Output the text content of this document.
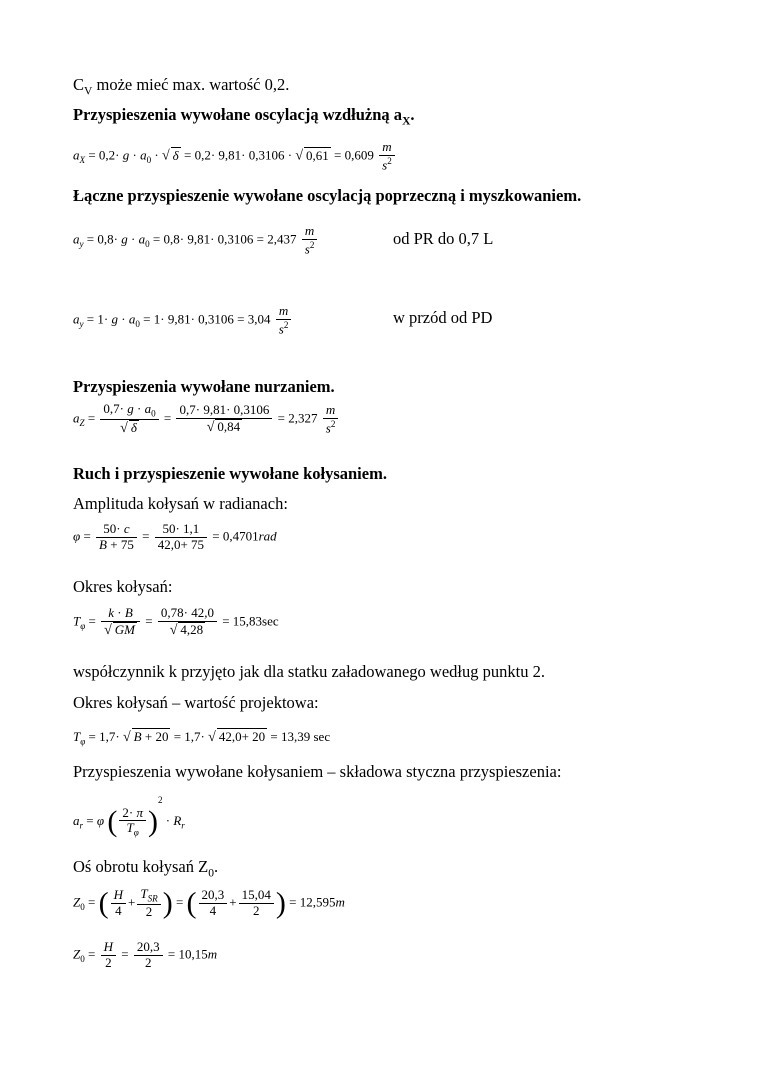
$C_V$ może mieć max. wartość 0,2.
Przyspieszenia wywołane oscylacją wzdłużną $a_X$.
$a_X = 0,2\cdot g \cdot a_0$ · √ δ = 0,2· 9,81· 0,3106 · √ $0,61 = 0,609 \frac{m}{s^2}$
Łączne przyspieszenie wywołane oscylacją poprzeczną i myszkowaniem.
$a_y = 0,8\cdot g \cdot a_0 = 0,8\cdot 9,81\cdot 0,3106 = 2,437 \frac{m}{s^2}$	od PR do 0,7 L
$a_y = 1\cdot g \cdot a_0 = 1\cdot 9,81\cdot 0,3106 = 3,04 \frac{m}{s^2}$	w przód od PD
Przyspieszenia wywołane nurzaniem.
$a_Z = \frac{0,7\cdot g \cdot a_0}{√ \delta} = \frac{0,7\cdot 9,81\cdot 0,3106}{√ 0,84} = 2,327 \frac{m}{s^2}$
Ruch i przyspieszenie wywołane kołysaniem.
Amplituda kołysań w radianach:
$\varphi = \frac{50\cdot c}{B + 75} = \frac{50\cdot 1,1}{42,0+ 75} = 0,4701rad$
Okres kołysań:
$T_\varphi = \frac{k \cdot B}{√ GM} = \frac{0,78\cdot 42,0}{√ 4,28} = 15,83\sec$
współczynnik k przyjęto jak dla statku załadowanego według punktu 2.
Okres kołysań – wartość projektowa:
$T_\varphi = 1,7\cdot$ √ B + 20 = 1,7· √ 42,0+ 20 = 13,39 sec
Przyspieszenia wywołane kołysaniem – składowa styczna przyspieszenia:
$a_r = \varphi$ ( $\frac{2\cdot \pi}{T_\varphi} )^2 \cdot R_r$
Oś obrotu kołysań $Z_0$.
$Z_0$ = ( $\frac{H}{4} + \frac{T_{SR}}{2}$ ) = ( $\frac{20,3}{4} + \frac{15,04}{2}$ ) = 12,595m
$Z_0 = \frac{H}{2} = \frac{20,3}{2} = 10,15m$
